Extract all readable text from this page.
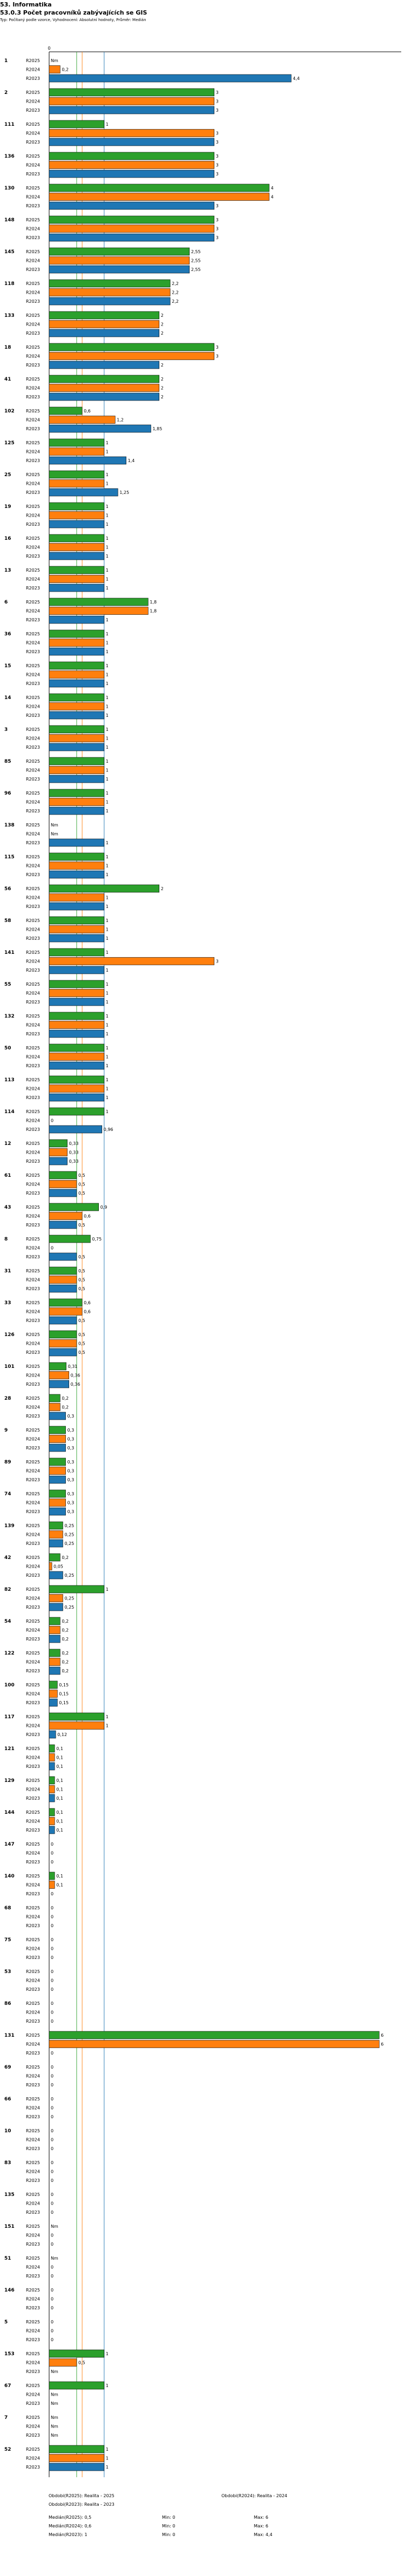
53. Informatika
53.0.3 Počet pracovníků zabývajících se GIS
Typ: Počítaný podle vzorce, Vyhodnocení: Absolutní hodnoty, Průměr: Medián
0
1	R2025	Nm
R2024	0,2
R2023	4,4
2	R2025	3
R2024	3
R2023	3
111	R2025	1
R2024	3
R2023	3
136	R2025	3
R2024	3
R2023	3
130	R2025	4
R2024	4
R2023	3
148	R2025	3
R2024	3
R2023	3
145	R2025	2,55
R2024	2,55
R2023	2,55
118	R2025	2,2
R2024	2,2
R2023	2,2
133	R2025	2
R2024	2
R2023	2
18	R2025	3
R2024	3
R2023	2
41	R2025	2
R2024	2
R2023	2
102	R2025	0,6
R2024	1,2
R2023	1,85
125	R2025	1
R2024	1
R2023	1,4
25	R2025	1
R2024	1
R2023	1,25
19	R2025	1
R2024	1
R2023	1
16	R2025	1
R2024	1
R2023	1
13	R2025	1
R2024	1
R2023	1
6	R2025	1,8
R2024	1,8
R2023	1
36	R2025	1
R2024	1
R2023	1
15	R2025	1
R2024	1
R2023	1
14	R2025	1
R2024	1
R2023	1
3	R2025	1
R2024	1
R2023	1
85	R2025	1
R2024	1
R2023	1
96	R2025	1
R2024	1
R2023	1
138	R2025	Nm
R2024	Nm
R2023	1
115	R2025	1
R2024	1
R2023	1
56	R2025	2
R2024	1
R2023	1
58	R2025	1
R2024	1
R2023	1
141	R2025	1
R2024	3
R2023	1
55	R2025	1
R2024	1
R2023	1
132	R2025	1
R2024	1
R2023	1
50	R2025	1
R2024	1
R2023	1
113	R2025	1
R2024	1
R2023	1
114	R2025	1
R2024	0
R2023	0,96
12	R2025	0,33
R2024	0,33
R2023	0,33
61	R2025	0,5
R2024	0,5
R2023	0,5
43	R2025	0,9
R2024	0,6
R2023	0,5
8	R2025	0,75
R2024	0
R2023	0,5
31	R2025	0,5
R2024	0,5
R2023	0,5
33	R2025	0,6
R2024	0,6
R2023	0,5
126	R2025	0,5
R2024	0,5
R2023	0,5
101	R2025	0,31
R2024	0,36
R2023	0,36
28	R2025	0,2
R2024	0,2
R2023	0,3
9	R2025	0,3
R2024	0,3
R2023	0,3
89	R2025	0,3
R2024	0,3
R2023	0,3
74	R2025	0,3
R2024	0,3
R2023	0,3
139	R2025	0,25
R2024	0,25
R2023	0,25
42	R2025	0,2
R2024	0,05
R2023	0,25
82	R2025	1
R2024	0,25
R2023	0,25
54	R2025	0,2
R2024	0,2
R2023	0,2
122	R2025	0,2
R2024	0,2
R2023	0,2
100	R2025	0,15
R2024	0,15
R2023	0,15
117	R2025	1
R2024	1
R2023	0,12
121	R2025	0,1
R2024	0,1
R2023	0,1
129	R2025	0,1
R2024	0,1
R2023	0,1
144	R2025	0,1
R2024	0,1
R2023	0,1
147	R2025	0
R2024	0
R2023	0
140	R2025	0,1
R2024	0,1
R2023	0
68	R2025	0
R2024	0
R2023	0
75	R2025	0
R2024	0
R2023	0
53	R2025	0
R2024	0
R2023	0
86	R2025	0
R2024	0
R2023	0
131	R2025	6
R2024	6
R2023	0
69	R2025	0
R2024	0
R2023	0
66	R2025	0
R2024	0
R2023	0
10	R2025	0
R2024	0
R2023	0
83	R2025	0
R2024	0
R2023	0
135	R2025	0
R2024	0
R2023	0
151	R2025	Nm
R2024	0
R2023	0
51	R2025	Nm
R2024	0
R2023	0
146	R2025	0
R2024	0
R2023	0
5	R2025	0
R2024	0
R2023	0
153	R2025	1
R2024	0,5
R2023	Nm
67	R2025	1
R2024	Nm
R2023	Nm
7	R2025	Nm
R2024	Nm
R2023	Nm
52	R2025	1
R2024	1
R2023	1
Obdobi(R2025): Realita - 2025	Obdobi(R2024): Realita - 2024
Obdobi(R2023): Realita - 2023
Medián(R2025): 0,5	Min: 0	Max: 6
Medián(R2024): 0,6	Min: 0	Max: 6
Medián(R2023): 1	Min: 0	Max: 4,4
